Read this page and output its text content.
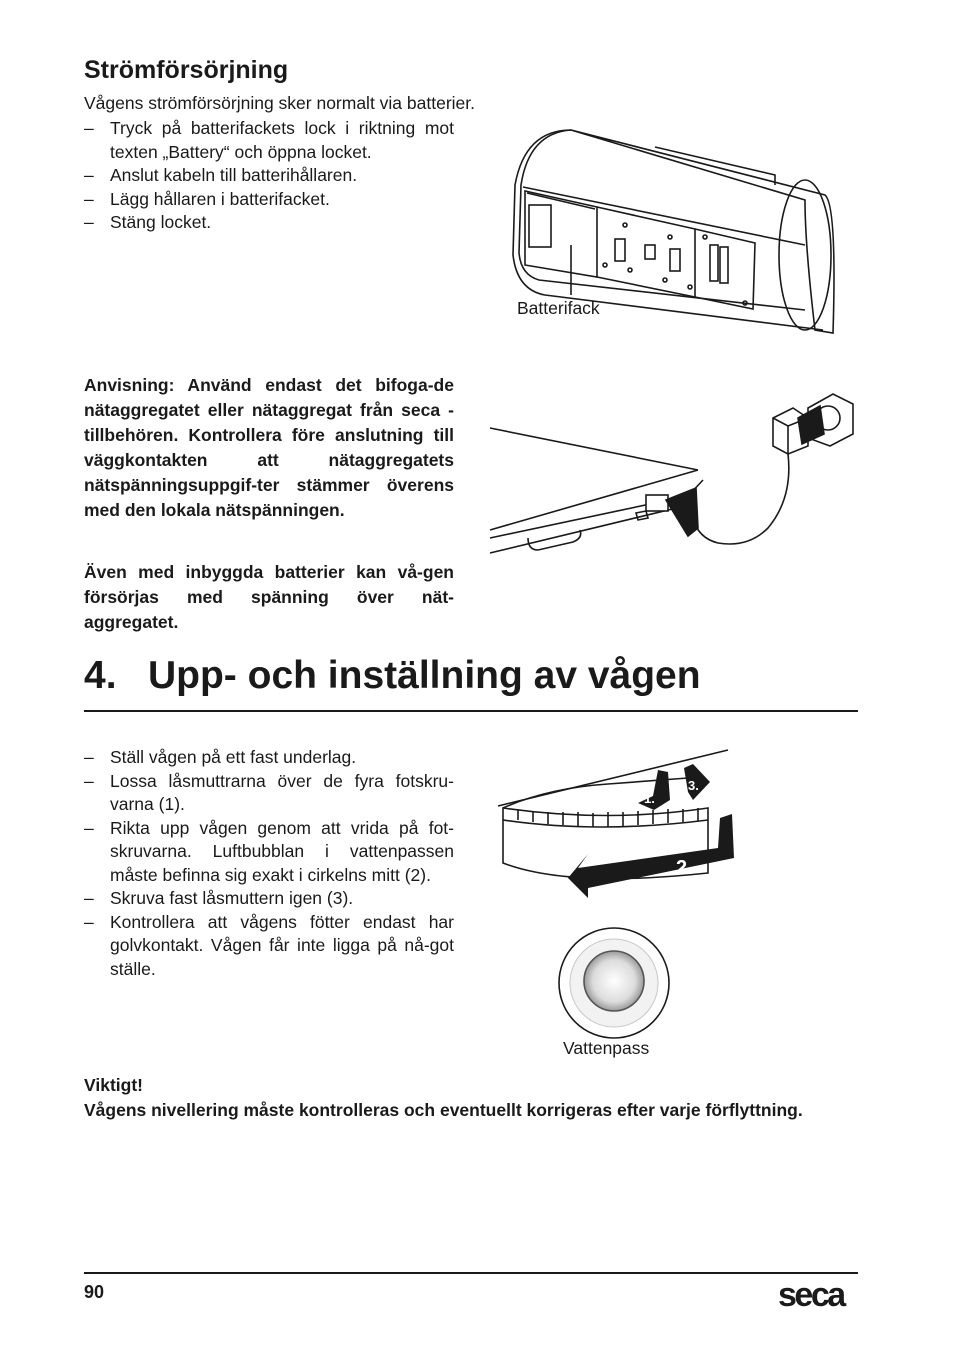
Strömförsörjning
Vågens strömförsörjning sker normalt via batterier.
– Tryck på batterifackets lock i riktning mot texten „Battery“ och öppna locket.
– Anslut kabeln till batterihållaren.
– Lägg hållaren i batterifacket.
– Stäng locket.
Batterifack

Anvisning: Använd endast det bifoga-de nätaggregatet eller nätaggregat från seca - tillbehören. Kontrollera före anslutning till väggkontakten att nätaggregatets nätspänningsuppgif-ter stämmer överens med den lokala nätspänningen.

Även med inbyggda batterier kan vå-gen försörjas med spänning över nät-aggregatet.

4. Upp- och inställning av vågen
– Ställ vågen på ett fast underlag.
– Lossa låsmuttrarna över de fyra fotskru-varna (1).
– Rikta upp vågen genom att vrida på fot-skruvarna. Luftbubblan i vattenpassen måste befinna sig exakt i cirkelns mitt (2).
– Skruva fast låsmuttern igen (3).
– Kontrollera att vågens fötter endast har golvkontakt. Vågen får inte ligga på nå-got ställe.
1.
2.
3.
Vattenpass

Viktigt!

Vågens nivellering måste kontrolleras och eventuellt korrigeras efter varje förflyttning.

90	seca
